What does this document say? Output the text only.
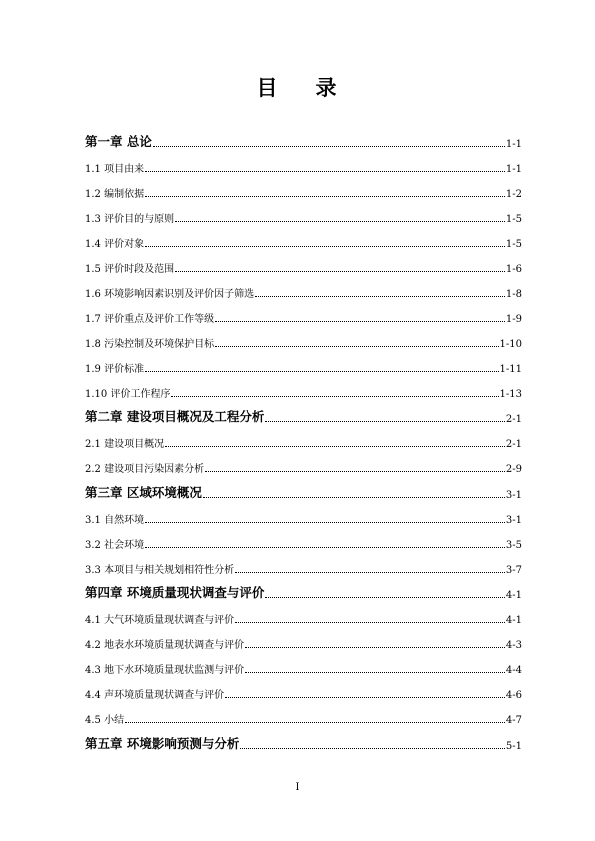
目 录
第一章 总论	1-1
1.1 项目由来	1-1
1.2 编制依据	1-2
1.3 评价目的与原则	1-5
1.4 评价对象	1-5
1.5 评价时段及范围	1-6
1.6 环境影响因素识别及评价因子筛选	1-8
1.7 评价重点及评价工作等级	1-9
1.8 污染控制及环境保护目标	1-10
1.9 评价标准	1-11
1.10 评价工作程序	1-13
第二章 建设项目概况及工程分析	2-1
2.1 建设项目概况	2-1
2.2 建设项目污染因素分析	2-9
第三章 区域环境概况	3-1
3.1 自然环境	3-1
3.2 社会环境	3-5
3.3 本项目与相关规划相符性分析	3-7
第四章 环境质量现状调查与评价	4-1
4.1 大气环境质量现状调查与评价	4-1
4.2 地表水环境质量现状调查与评价	4-3
4.3 地下水环境质量现状监测与评价	4-4
4.4 声环境质量现状调查与评价	4-6
4.5 小结	4-7
第五章 环境影响预测与分析	5-1
I
